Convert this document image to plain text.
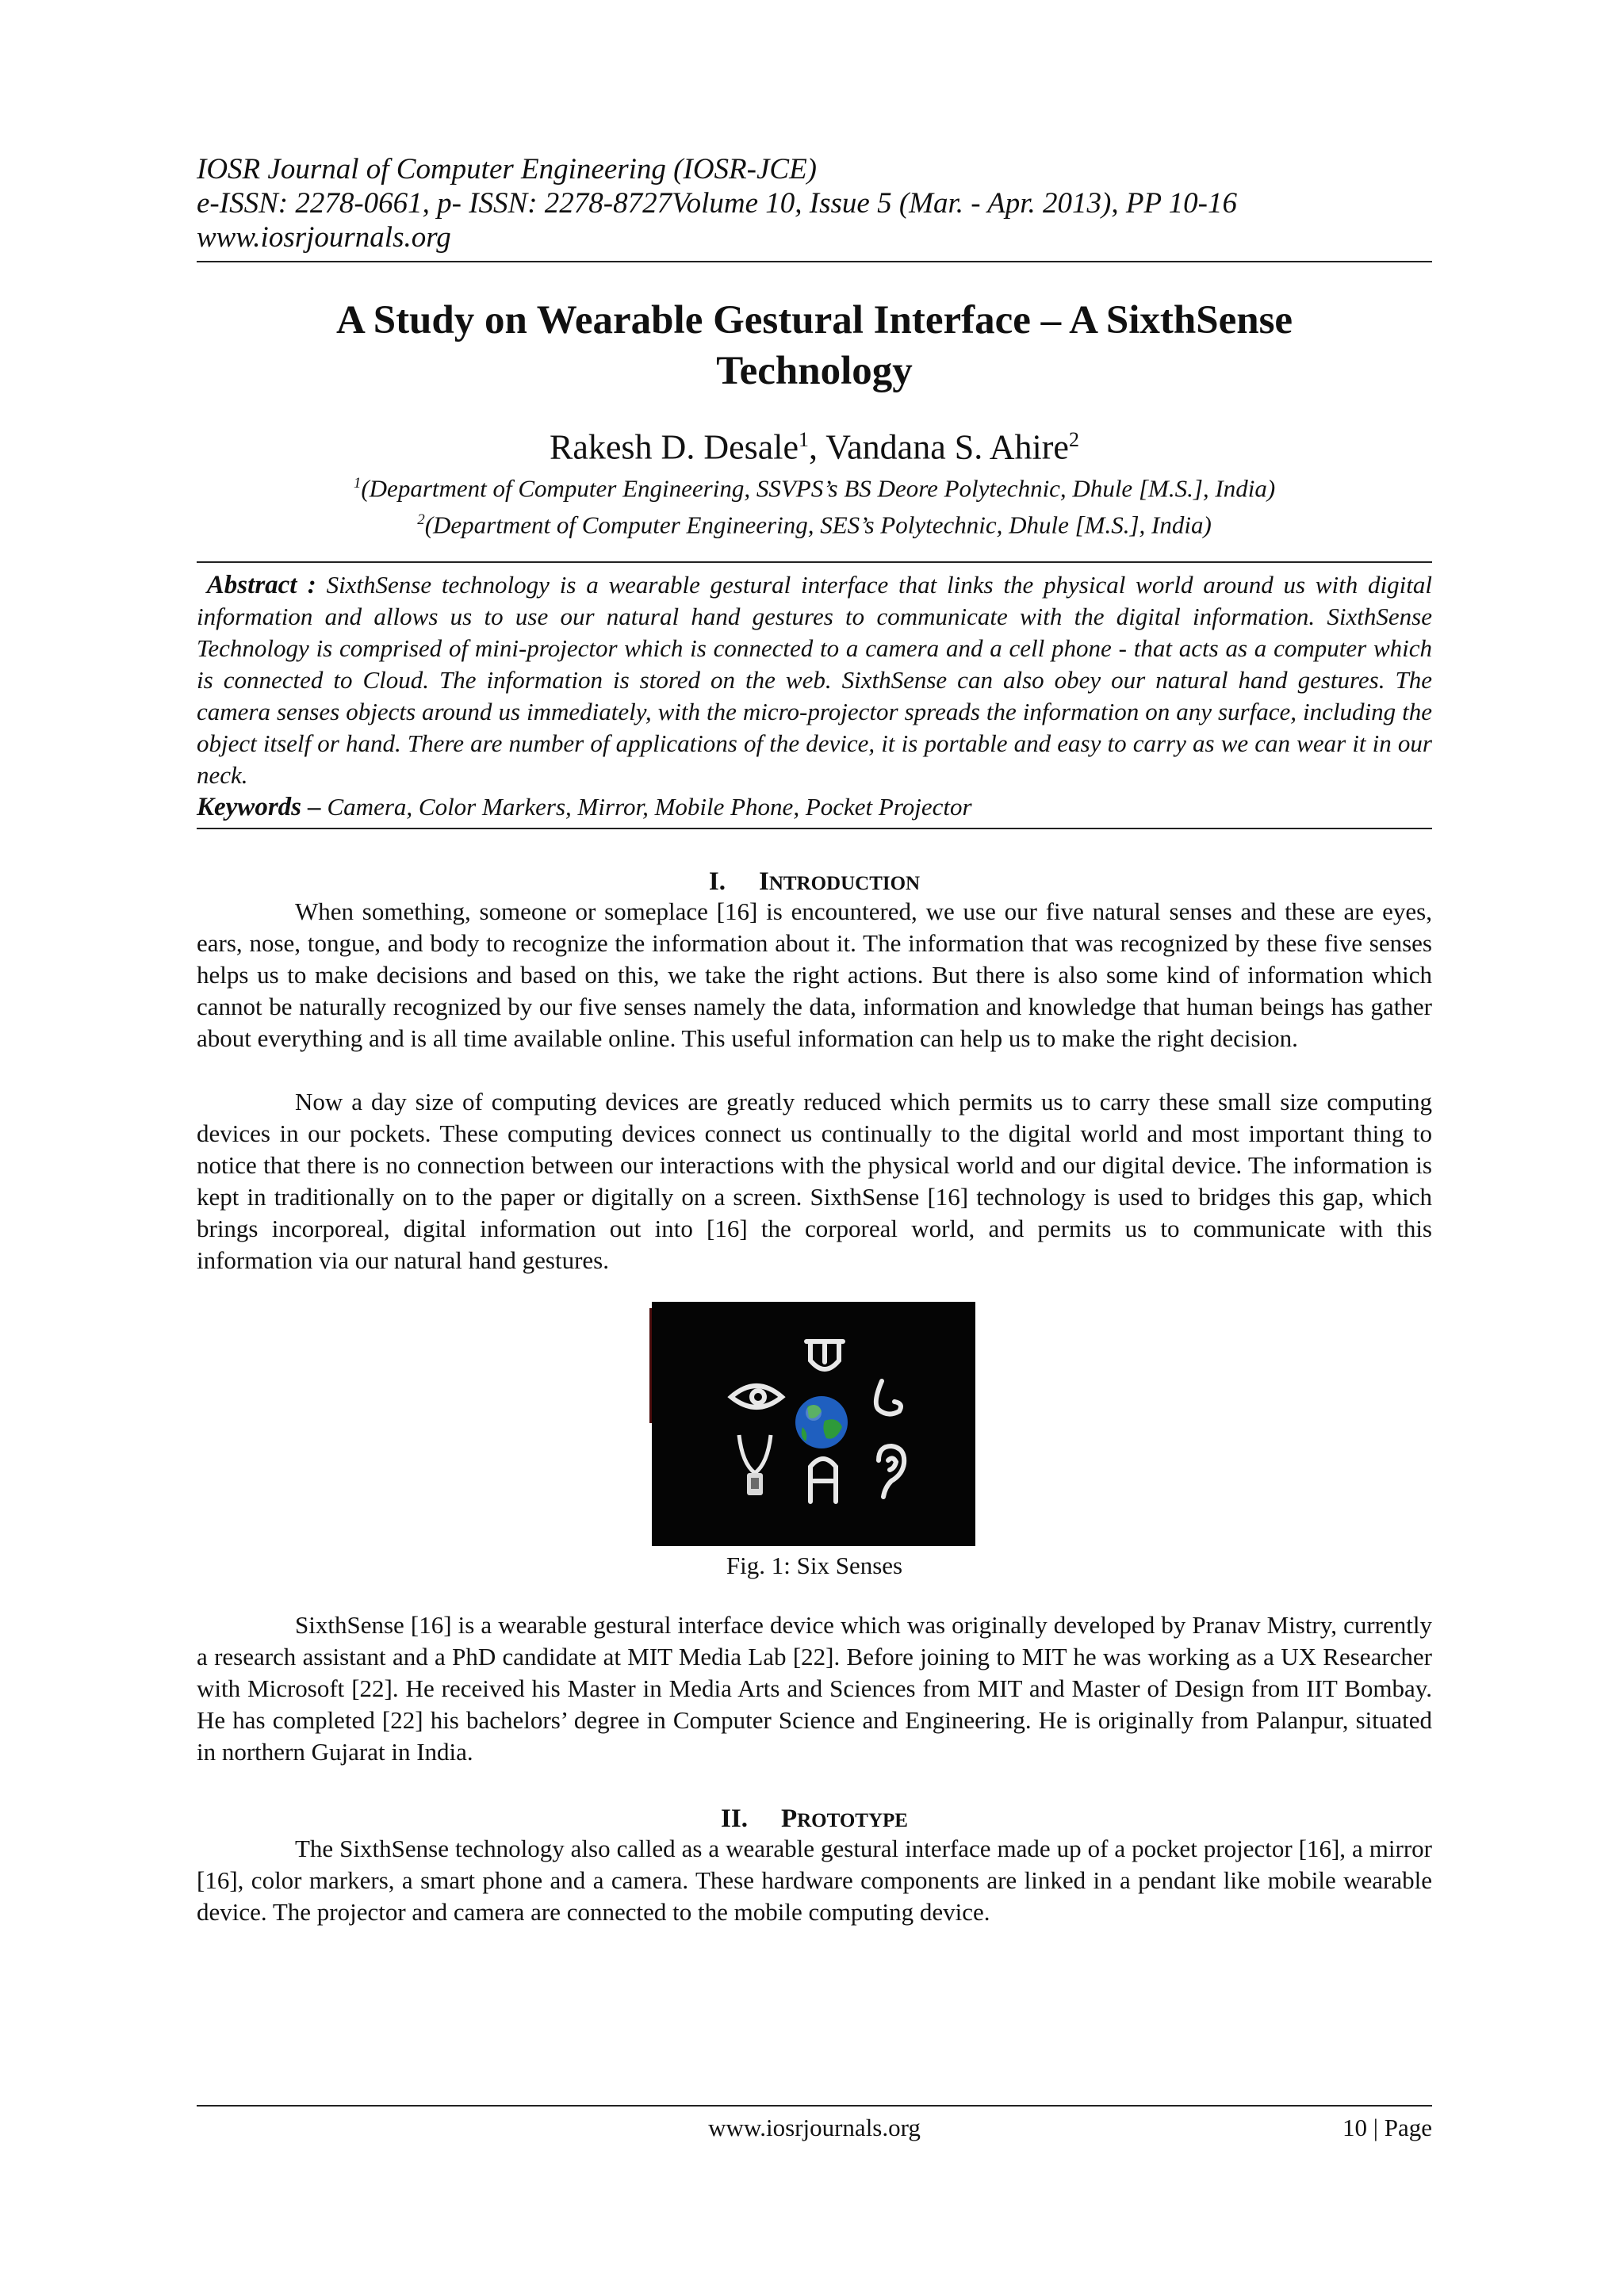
IOSR Journal of Computer Engineering (IOSR-JCE)
e-ISSN: 2278-0661, p- ISSN: 2278-8727Volume 10, Issue 5 (Mar. - Apr. 2013), PP 10-16
www.iosrjournals.org
A Study on Wearable Gestural Interface – A SixthSense
Technology
Rakesh D. Desale$^1$, Vandana S. Ahire$^2$
$^1$(Department of Computer Engineering, SSVPS’s BS Deore Polytechnic, Dhule [M.S.], India)
$^2$(Department of Computer Engineering, SES’s Polytechnic, Dhule [M.S.], India)
Abstract : SixthSense technology is a wearable gestural interface that links the physical world around us with digital information and allows us to use our natural hand gestures to communicate with the digital information. SixthSense Technology is comprised of mini-projector which is connected to a camera and a cell phone - that acts as a computer which is connected to Cloud. The information is stored on the web. SixthSense can also obey our natural hand gestures. The camera senses objects around us immediately, with the micro-projector spreads the information on any surface, including the object itself or hand. There are number of applications of the device, it is portable and easy to carry as we can wear it in our neck.
Keywords – Camera, Color Markers, Mirror, Mobile Phone, Pocket Projector
I. INTRODUCTION
When something, someone or someplace [16] is encountered, we use our five natural senses and these are eyes, ears, nose, tongue, and body to recognize the information about it. The information that was recognized by these five senses helps us to make decisions and based on this, we take the right actions. But there is also some kind of information which cannot be naturally recognized by our five senses namely the data, information and knowledge that human beings has gather about everything and is all time available online. This useful information can help us to make the right decision.
Now a day size of computing devices are greatly reduced which permits us to carry these small size computing devices in our pockets. These computing devices connect us continually to the digital world and most important thing to notice that there is no connection between our interactions with the physical world and our digital device. The information is kept in traditionally on to the paper or digitally on a screen. SixthSense [16] technology is used to bridges this gap, which brings incorporeal, digital information out into [16] the corporeal world, and permits us to communicate with this information via our natural hand gestures.
Fig. 1: Six Senses
SixthSense [16] is a wearable gestural interface device which was originally developed by Pranav Mistry, currently a research assistant and a PhD candidate at MIT Media Lab [22]. Before joining to MIT he was working as a UX Researcher with Microsoft [22]. He received his Master in Media Arts and Sciences from MIT and Master of Design from IIT Bombay. He has completed [22] his bachelors’ degree in Computer Science and Engineering. He is originally from Palanpur, situated in northern Gujarat in India.
II. PROTOTYPE
The SixthSense technology also called as a wearable gestural interface made up of a pocket projector [16], a mirror [16], color markers, a smart phone and a camera. These hardware components are linked in a pendant like mobile wearable device. The projector and camera are connected to the mobile computing device.
www.iosrjournals.org	10 | Page
